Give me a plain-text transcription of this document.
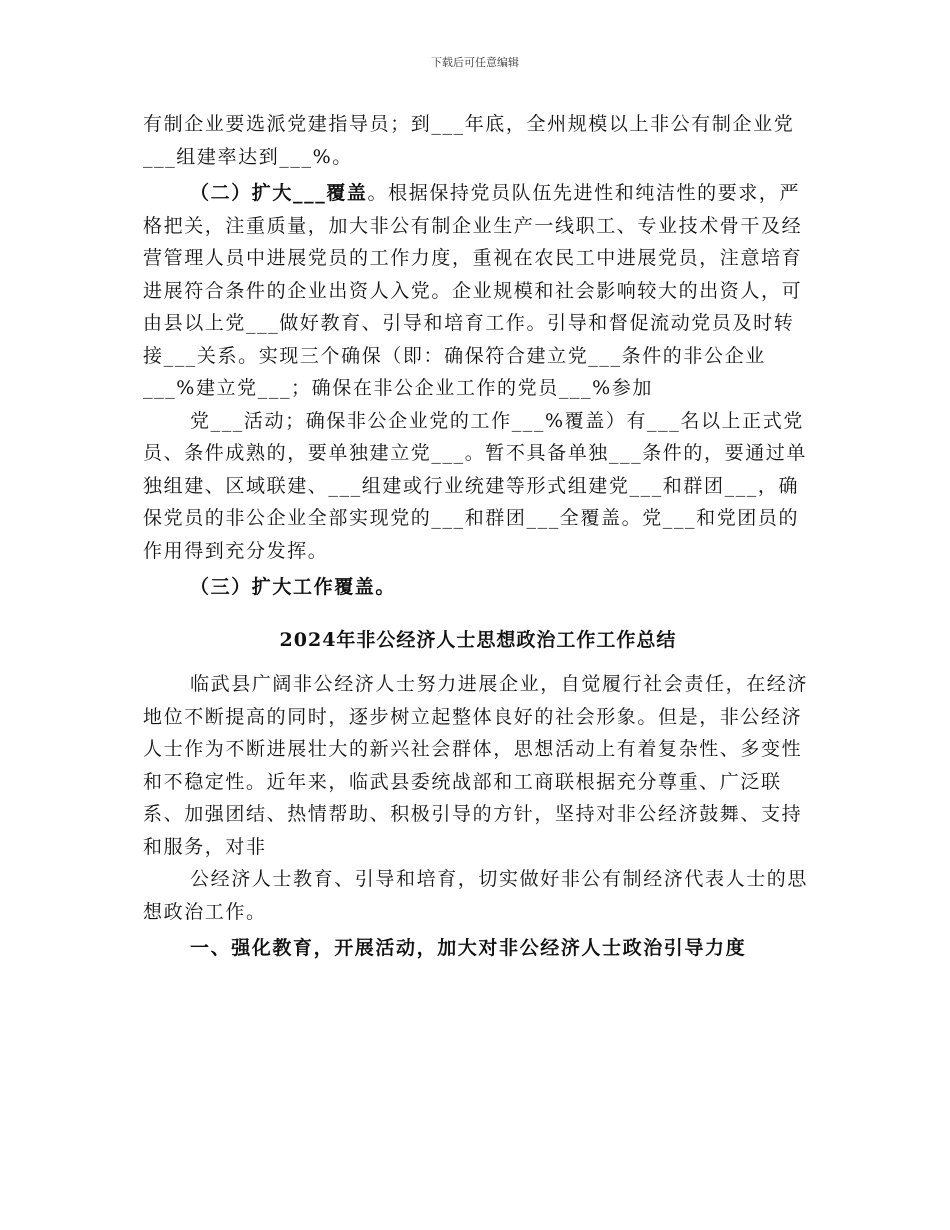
下载后可任意编辑

有制企业要选派党建指导员；到___年底，全州规模以上非公有制企业党___组建率达到___%。

（二）扩大___覆盖。根据保持党员队伍先进性和纯洁性的要求，严格把关，注重质量，加大非公有制企业生产一线职工、专业技术骨干及经营管理人员中进展党员的工作力度，重视在农民工中进展党员，注意培育进展符合条件的企业出资人入党。企业规模和社会影响较大的出资人，可由县以上党___做好教育、引导和培育工作。引导和督促流动党员及时转接___关系。实现三个确保（即：确保符合建立党___条件的非公企业___%建立党___；确保在非公企业工作的党员___%参加

党___活动；确保非公企业党的工作___%覆盖）有___名以上正式党员、条件成熟的，要单独建立党___。暂不具备单独___条件的，要通过单独组建、区域联建、___组建或行业统建等形式组建党___和群团___，确保党员的非公企业全部实现党的___和群团___全覆盖。党___和党团员的作用得到充分发挥。

（三）扩大工作覆盖。

2024年非公经济人士思想政治工作工作总结

临武县广阔非公经济人士努力进展企业，自觉履行社会责任，在经济地位不断提高的同时，逐步树立起整体良好的社会形象。但是，非公经济人士作为不断进展壮大的新兴社会群体，思想活动上有着复杂性、多变性和不稳定性。近年来，临武县委统战部和工商联根据充分尊重、广泛联系、加强团结、热情帮助、积极引导的方针，坚持对非公经济鼓舞、支持和服务，对非

公经济人士教育、引导和培育，切实做好非公有制经济代表人士的思想政治工作。

一、强化教育，开展活动，加大对非公经济人士政治引导力度
